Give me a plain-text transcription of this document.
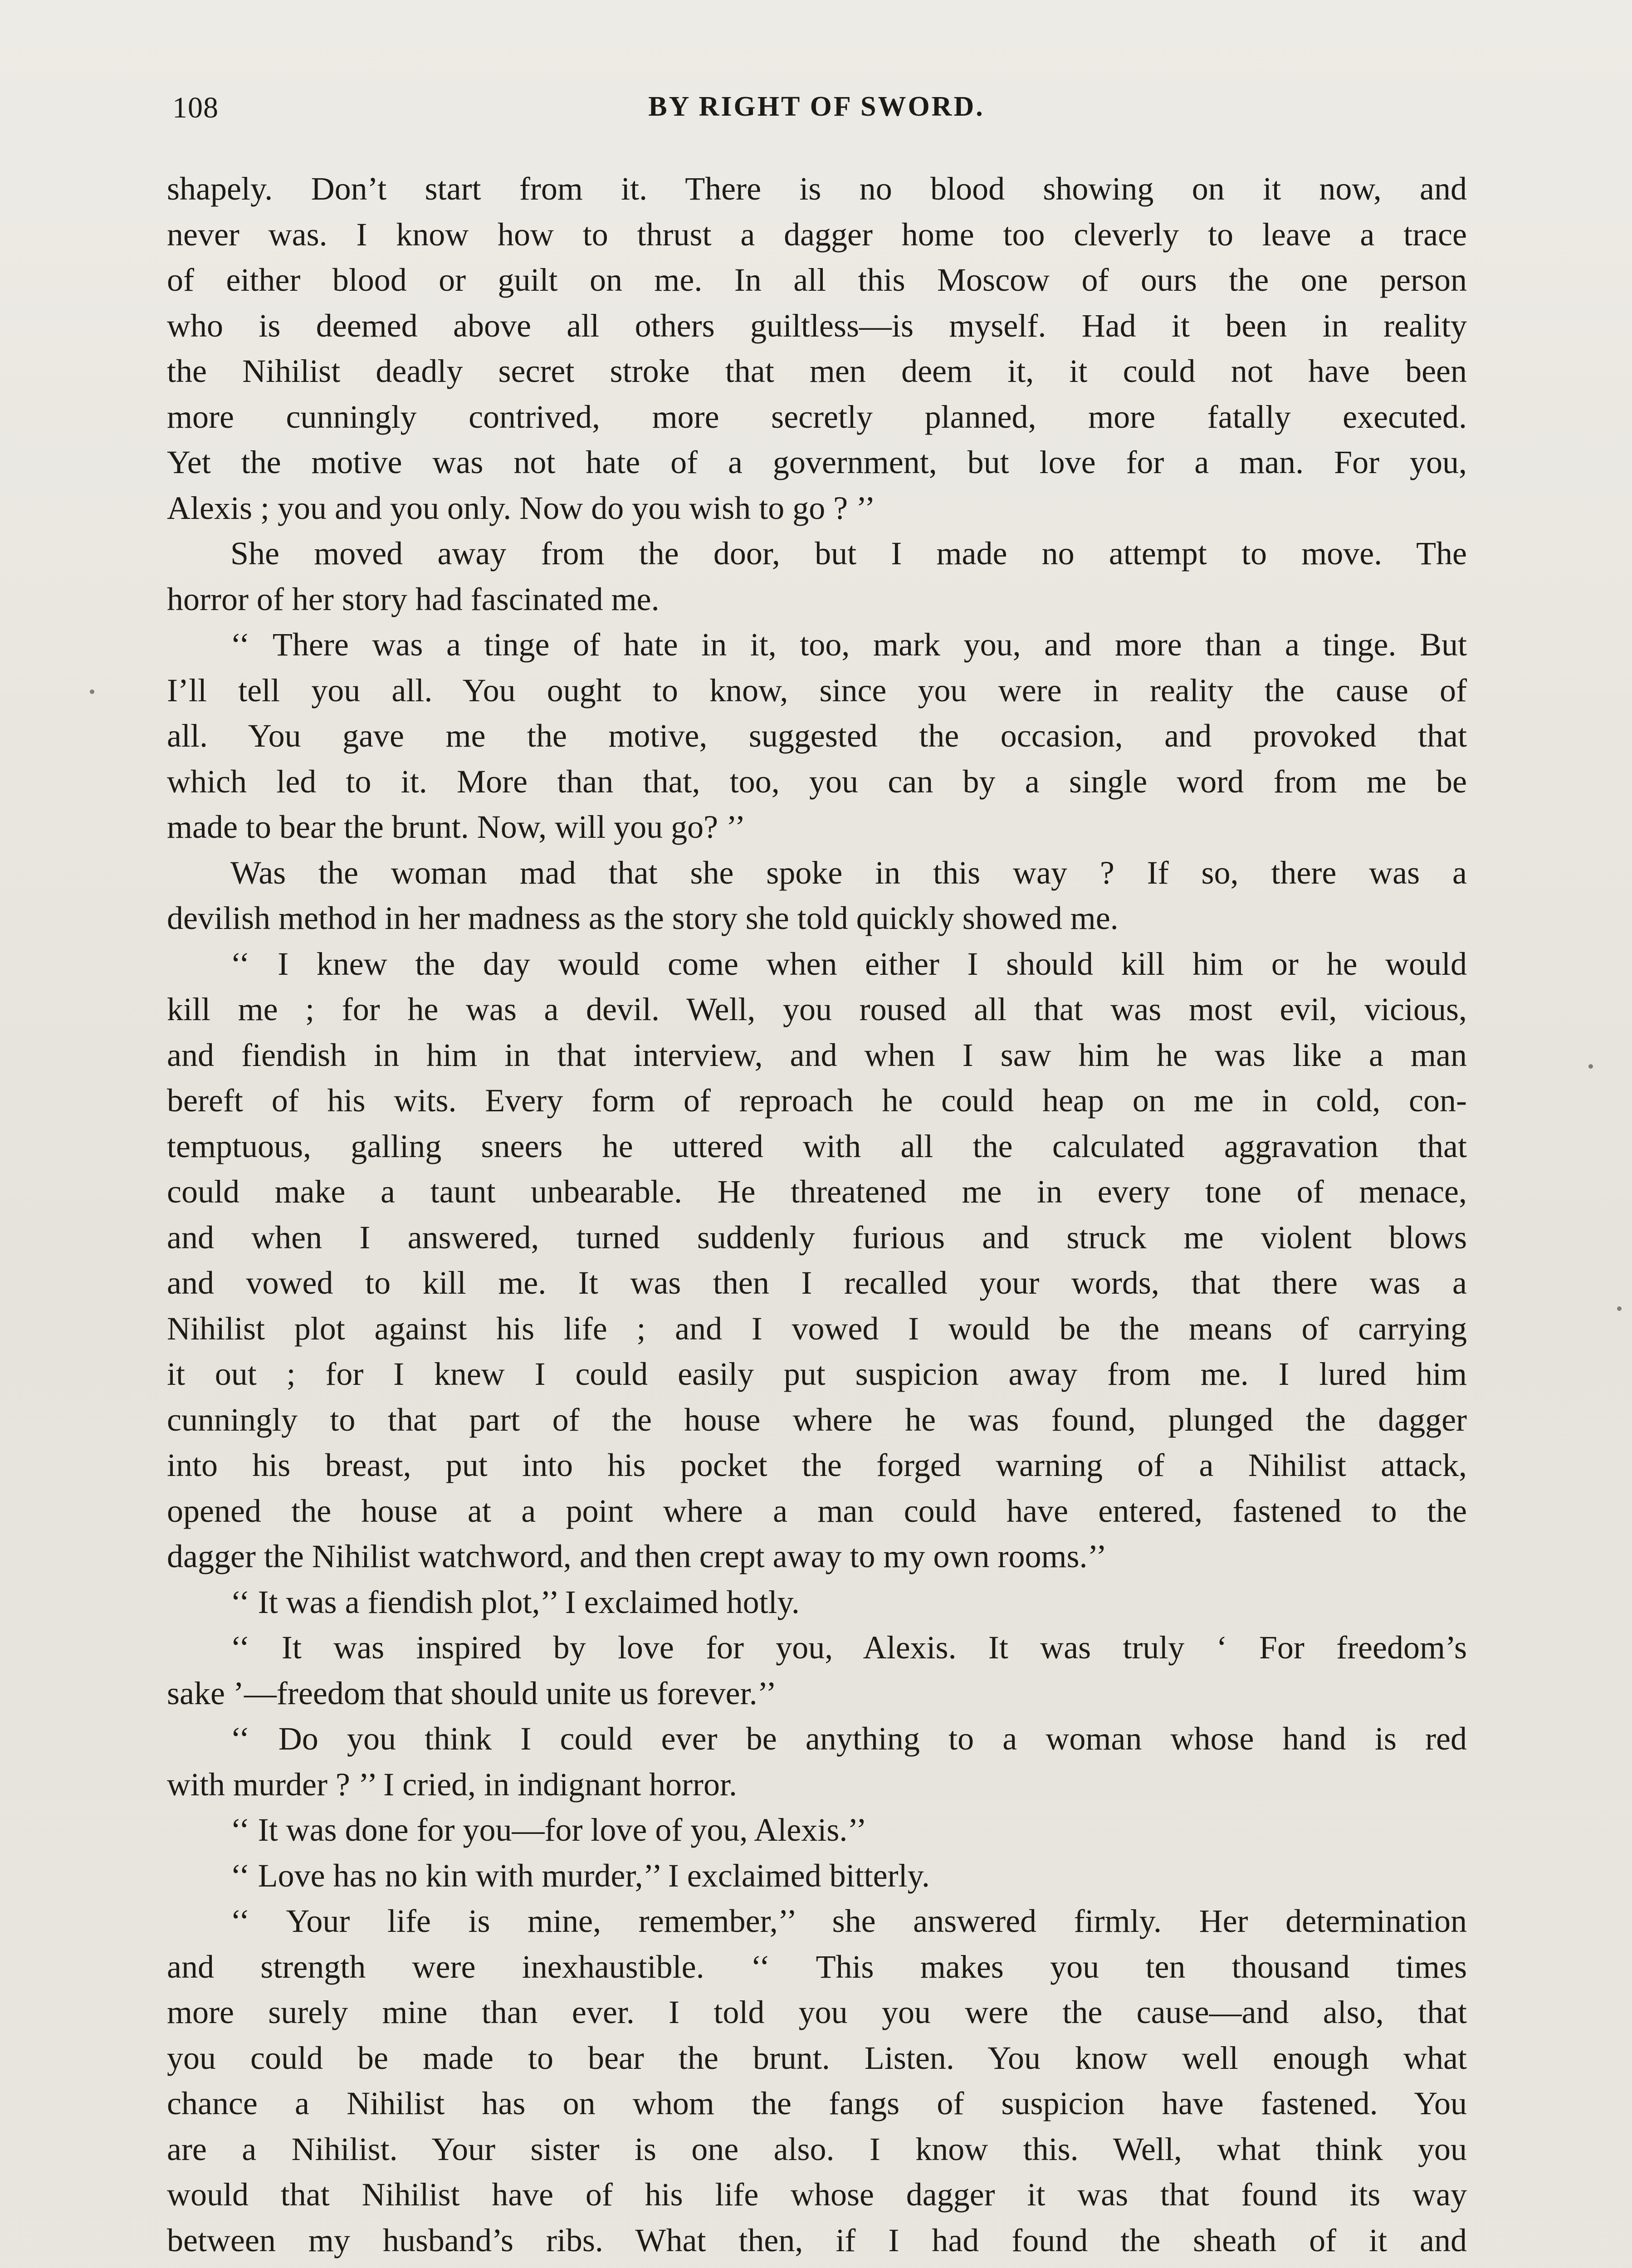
108	BY RIGHT OF SWORD.
shapely. Don’t start from it. There is no blood showing on it now, and
never was. I know how to thrust a dagger home too cleverly to leave a trace
of either blood or guilt on me. In all this Moscow of ours the one person
who is deemed above all others guiltless—is myself. Had it been in reality
the Nihilist deadly secret stroke that men deem it, it could not have been
more cunningly contrived, more secretly planned, more fatally executed.
Yet the motive was not hate of a government, but love for a man. For you,
Alexis ; you and you only. Now do you wish to go ? ’’
She moved away from the door, but I made no attempt to move. The
horror of her story had fascinated me.
‘‘ There was a tinge of hate in it, too, mark you, and more than a tinge. But
I’ll tell you all. You ought to know, since you were in reality the cause of
all. You gave me the motive, suggested the occasion, and provoked that
which led to it. More than that, too, you can by a single word from me be
made to bear the brunt. Now, will you go? ’’
Was the woman mad that she spoke in this way ? If so, there was a
devilish method in her madness as the story she told quickly showed me.
‘‘ I knew the day would come when either I should kill him or he would
kill me ; for he was a devil. Well, you roused all that was most evil, vicious,
and fiendish in him in that interview, and when I saw him he was like a man
bereft of his wits. Every form of reproach he could heap on me in cold, con-
temptuous, galling sneers he uttered with all the calculated aggravation that
could make a taunt unbearable. He threatened me in every tone of menace,
and when I answered, turned suddenly furious and struck me violent blows
and vowed to kill me. It was then I recalled your words, that there was a
Nihilist plot against his life ; and I vowed I would be the means of carrying
it out ; for I knew I could easily put suspicion away from me. I lured him
cunningly to that part of the house where he was found, plunged the dagger
into his breast, put into his pocket the forged warning of a Nihilist attack,
opened the house at a point where a man could have entered, fastened to the
dagger the Nihilist watchword, and then crept away to my own rooms.’’
‘‘ It was a fiendish plot,’’ I exclaimed hotly.
‘‘ It was inspired by love for you, Alexis. It was truly ‘ For freedom’s
sake ’—freedom that should unite us forever.’’
‘‘ Do you think I could ever be anything to a woman whose hand is red
with murder ? ’’ I cried, in indignant horror.
‘‘ It was done for you—for love of you, Alexis.’’
‘‘ Love has no kin with murder,’’ I exclaimed bitterly.
‘‘ Your life is mine, remember,’’ she answered firmly. Her determination
and strength were inexhaustible. ‘‘ This makes you ten thousand times
more surely mine than ever. I told you you were the cause—and also, that
you could be made to bear the brunt. Listen. You know well enough what
chance a Nihilist has on whom the fangs of suspicion have fastened. You
are a Nihilist. Your sister is one also. I know this. Well, what think you
would that Nihilist have of his life whose dagger it was that found its way
between my husband’s ribs. What then, if I had found the sheath of it and
